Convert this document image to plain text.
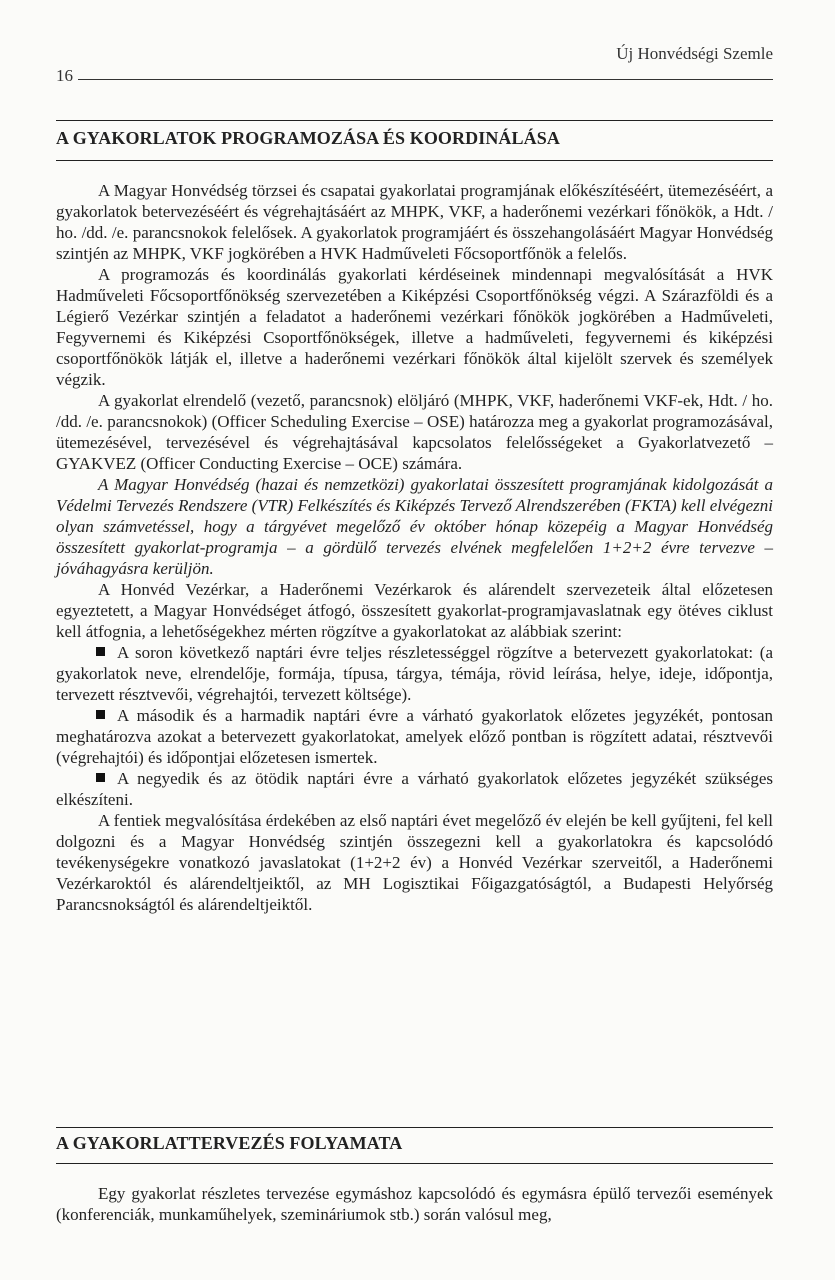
Új Honvédségi Szemle
16
A GYAKORLATOK PROGRAMOZÁSA ÉS KOORDINÁLÁSA

A Magyar Honvédség törzsei és csapatai gyakorlatai programjának előkészítéséért, ütemezéséért, a gyakorlatok betervezéséért és végrehajtásáért az MHPK, VKF, a haderőnemi vezérkari főnökök, a Hdt. / ho. /dd. /e. parancsnokok felelősek. A gyakorlatok programjáért és összehangolásáért Magyar Honvédség szintjén az MHPK, VKF jogkörében a HVK Hadműveleti Főcsoportfőnök a felelős.

A programozás és koordinálás gyakorlati kérdéseinek mindennapi megvalósítását a HVK Hadműveleti Főcsoportfőnökség szervezetében a Kiképzési Csoportfőnökség végzi. A Szárazföldi és a Légierő Vezérkar szintjén a feladatot a haderőnemi vezérkari főnökök jogkörében a Hadműveleti, Fegyvernemi és Kiképzési Csoportfőnökségek, illetve a hadműveleti, fegyvernemi és kiképzési csoportfőnökök látják el, illetve a haderőnemi vezérkari főnökök által kijelölt szervek és személyek végzik.

A gyakorlat elrendelő (vezető, parancsnok) elöljáró (MHPK, VKF, haderőnemi VKF-ek, Hdt. / ho. /dd. /e. parancsnokok) (Officer Scheduling Exercise – OSE) határozza meg a gyakorlat programozásával, ütemezésével, tervezésével és végrehajtásával kapcsolatos felelősségeket a Gyakorlatvezető – GYAKVEZ (Officer Conducting Exercise – OCE) számára.

A Magyar Honvédség (hazai és nemzetközi) gyakorlatai összesített programjának kidolgozását a Védelmi Tervezés Rendszere (VTR) Felkészítés és Kiképzés Tervező Alrendszerében (FKTA) kell elvégezni olyan számvetéssel, hogy a tárgyévet megelőző év október hónap közepéig a Magyar Honvédség összesített gyakorlat-programja – a gördülő tervezés elvének megfelelően 1+2+2 évre tervezve – jóváhagyásra kerüljön.

A Honvéd Vezérkar, a Haderőnemi Vezérkarok és alárendelt szervezeteik által előzetesen egyeztetett, a Magyar Honvédséget átfogó, összesített gyakorlat-programjavaslatnak egy ötéves ciklust kell átfognia, a lehetőségekhez mérten rögzítve a gyakorlatokat az alábbiak szerint:

A soron következő naptári évre teljes részletességgel rögzítve a betervezett gyakorlatokat: (a gyakorlatok neve, elrendelője, formája, típusa, tárgya, témája, rövid leírása, helye, ideje, időpontja, tervezett résztvevői, végrehajtói, tervezett költsége).

A második és a harmadik naptári évre a várható gyakorlatok előzetes jegyzékét, pontosan meghatározva azokat a betervezett gyakorlatokat, amelyek előző pontban is rögzített adatai, résztvevői (végrehajtói) és időpontjai előzetesen ismertek.

A negyedik és az ötödik naptári évre a várható gyakorlatok előzetes jegyzékét szükséges elkészíteni.

A fentiek megvalósítása érdekében az első naptári évet megelőző év elején be kell gyűjteni, fel kell dolgozni és a Magyar Honvédség szintjén összegezni kell a gyakorlatokra és kapcsolódó tevékenységekre vonatkozó javaslatokat (1+2+2 év) a Honvéd Vezérkar szerveitől, a Haderőnemi Vezérkaroktól és alárendeltjeiktől, az MH Logisztikai Főigazgatóságtól, a Budapesti Helyőrség Parancsnokságtól és alárendeltjeiktől.

A GYAKORLATTERVEZÉS FOLYAMATA

Egy gyakorlat részletes tervezése egymáshoz kapcsolódó és egymásra épülő tervezői események (konferenciák, munkaműhelyek, szemináriumok stb.) során valósul meg,
